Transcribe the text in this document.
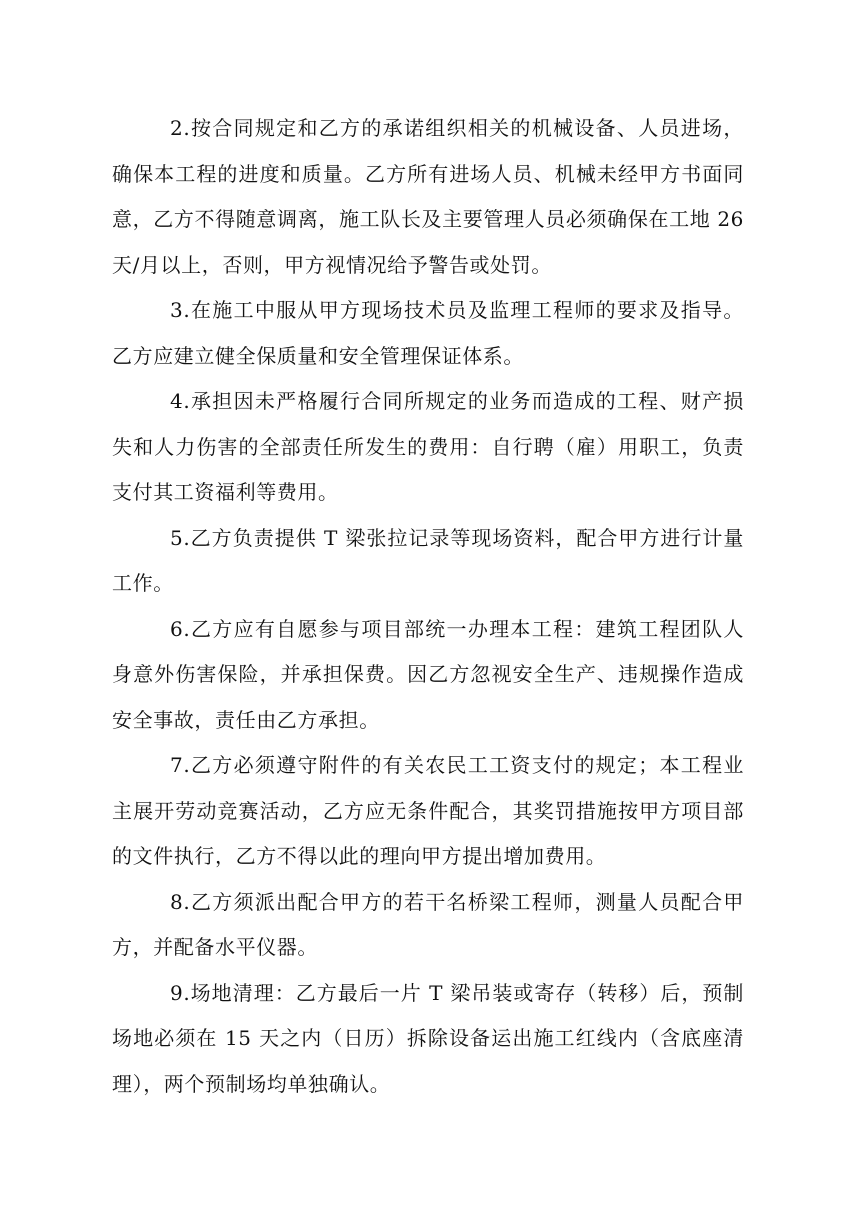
2.按合同规定和乙方的承诺组织相关的机械设备、人员进场，确保本工程的进度和质量。乙方所有进场人员、机械未经甲方书面同意，乙方不得随意调离，施工队长及主要管理人员必须确保在工地 26 天/月以上，否则，甲方视情况给予警告或处罚。

3.在施工中服从甲方现场技术员及监理工程师的要求及指导。乙方应建立健全保质量和安全管理保证体系。

4.承担因未严格履行合同所规定的业务而造成的工程、财产损失和人力伤害的全部责任所发生的费用：自行聘（雇）用职工，负责支付其工资福利等费用。

5.乙方负责提供 T 梁张拉记录等现场资料，配合甲方进行计量工作。

6.乙方应有自愿参与项目部统一办理本工程：建筑工程团队人身意外伤害保险，并承担保费。因乙方忽视安全生产、违规操作造成安全事故，责任由乙方承担。

7.乙方必须遵守附件的有关农民工工资支付的规定；本工程业主展开劳动竞赛活动，乙方应无条件配合，其奖罚措施按甲方项目部的文件执行，乙方不得以此的理向甲方提出增加费用。

8.乙方须派出配合甲方的若干名桥梁工程师，测量人员配合甲方，并配备水平仪器。

9.场地清理：乙方最后一片 T 梁吊装或寄存（转移）后，预制场地必须在 15 天之内（日历）拆除设备运出施工红线内（含底座清理），两个预制场均单独确认。
